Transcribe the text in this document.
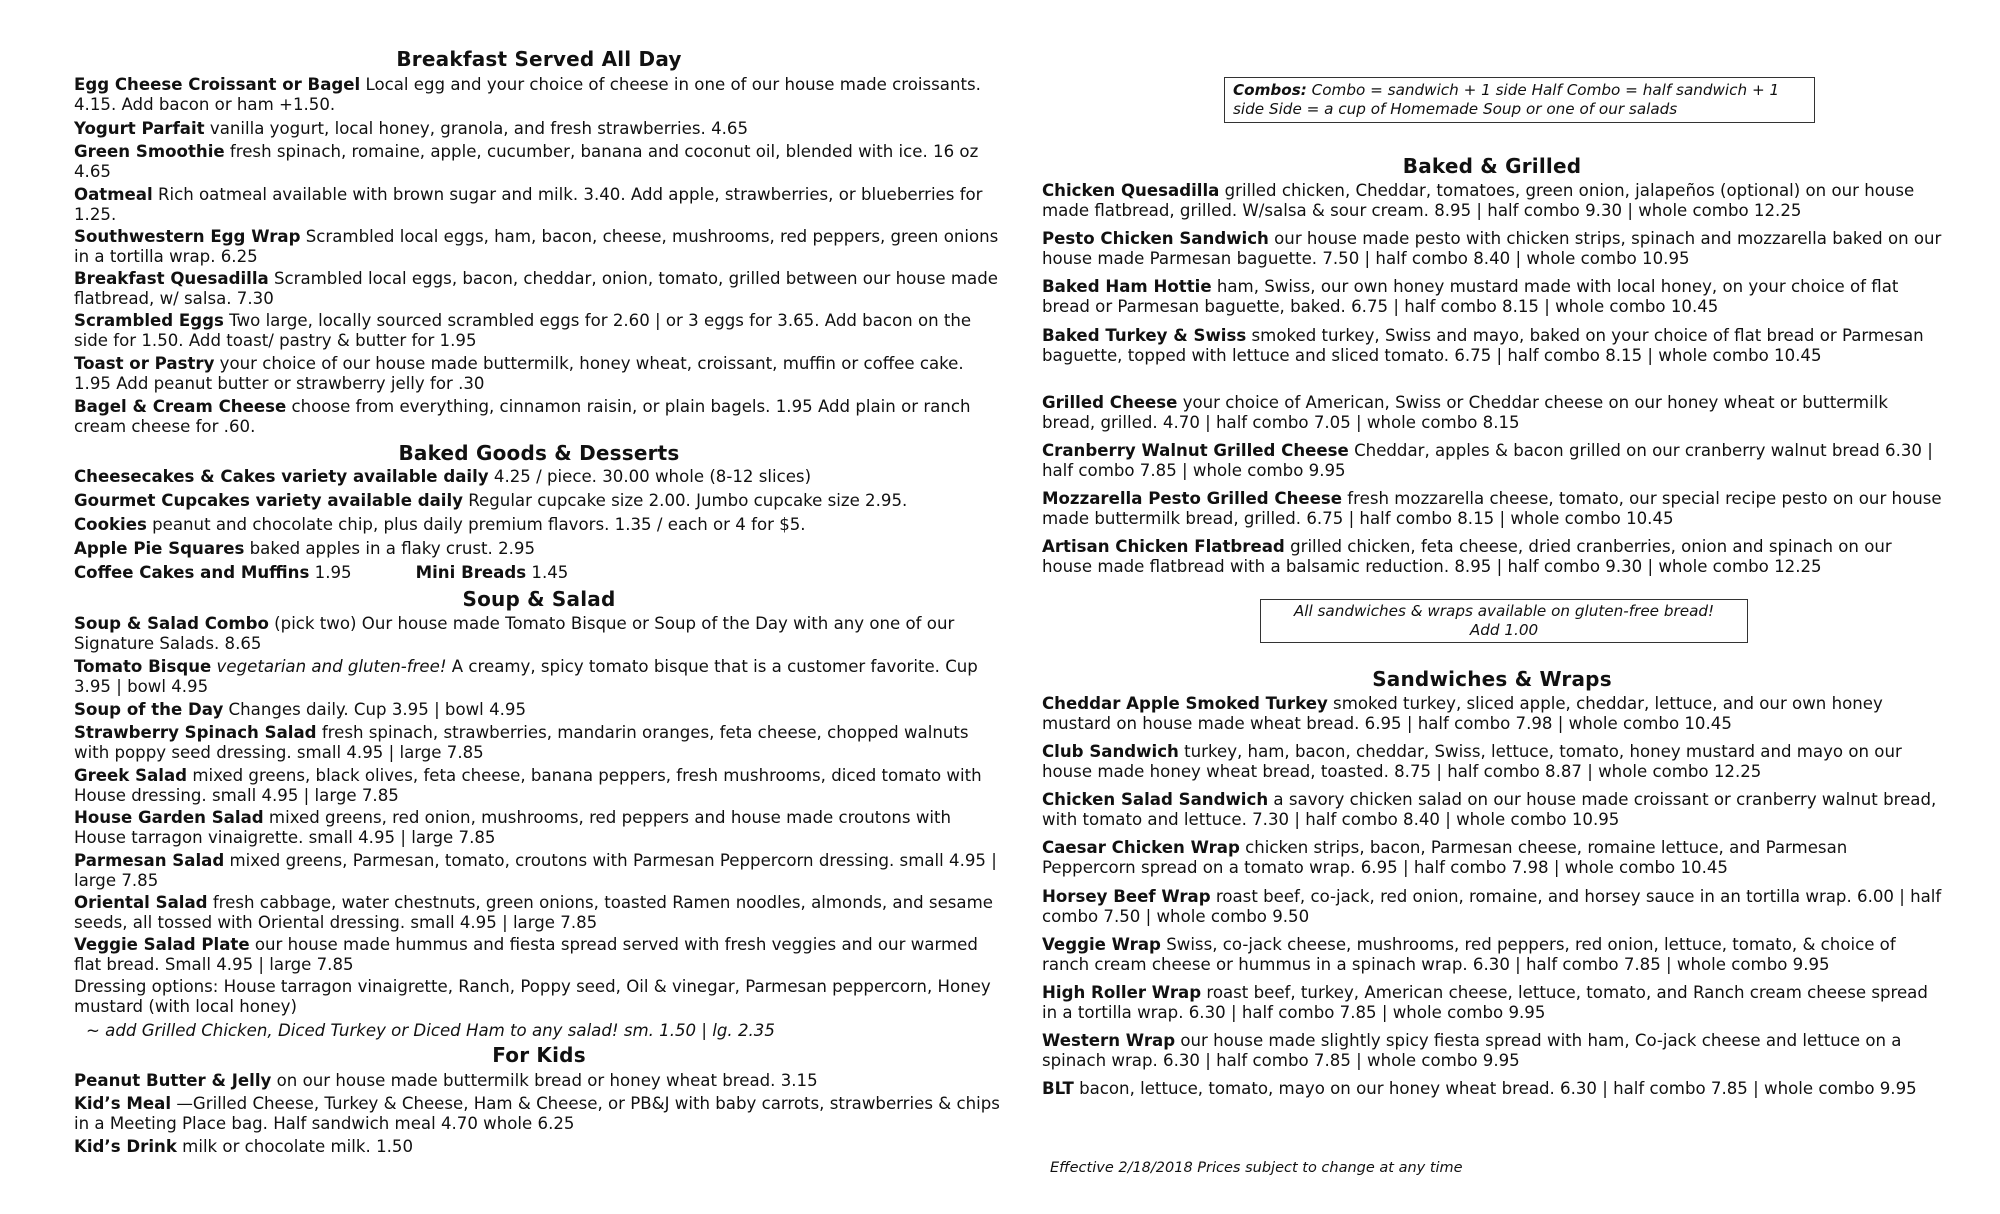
Breakfast Served All Day
Egg Cheese Croissant or Bagel Local egg and your choice of cheese in one of our house made croissants. 4.15. Add bacon or ham +1.50.
Yogurt Parfait vanilla yogurt, local honey, granola, and fresh strawberries. 4.65
Green Smoothie fresh spinach, romaine, apple, cucumber, banana and coconut oil, blended with ice. 16 oz 4.65
Oatmeal Rich oatmeal available with brown sugar and milk. 3.40. Add apple, strawberries, or blueberries for 1.25.
Southwestern Egg Wrap Scrambled local eggs, ham, bacon, cheese, mushrooms, red peppers, green onions in a tortilla wrap. 6.25
Breakfast Quesadilla Scrambled local eggs, bacon, cheddar, onion, tomato, grilled between our house made flatbread, w/ salsa. 7.30
Scrambled Eggs Two large, locally sourced scrambled eggs for 2.60 | or 3 eggs for 3.65. Add bacon on the side for 1.50. Add toast/ pastry & butter for 1.95
Toast or Pastry your choice of our house made buttermilk, honey wheat, croissant, muffin or coffee cake. 1.95 Add peanut butter or strawberry jelly for .30
Bagel & Cream Cheese choose from everything, cinnamon raisin, or plain bagels. 1.95 Add plain or ranch cream cheese for .60.
Baked Goods & Desserts
Cheesecakes & Cakes variety available daily 4.25 / piece. 30.00 whole (8-12 slices)
Gourmet Cupcakes variety available daily Regular cupcake size 2.00. Jumbo cupcake size 2.95.
Cookies peanut and chocolate chip, plus daily premium flavors. 1.35 / each or 4 for $5.
Apple Pie Squares baked apples in a flaky crust. 2.95
Coffee Cakes and Muffins 1.95	Mini Breads 1.45
Soup & Salad
Soup & Salad Combo (pick two) Our house made Tomato Bisque or Soup of the Day with any one of our Signature Salads. 8.65
Tomato Bisque vegetarian and gluten-free! A creamy, spicy tomato bisque that is a customer favorite. Cup 3.95 | bowl 4.95
Soup of the Day Changes daily. Cup 3.95 | bowl 4.95
Strawberry Spinach Salad fresh spinach, strawberries, mandarin oranges, feta cheese, chopped walnuts with poppy seed dressing. small 4.95 | large 7.85
Greek Salad mixed greens, black olives, feta cheese, banana peppers, fresh mushrooms, diced tomato with House dressing. small 4.95 | large 7.85
House Garden Salad mixed greens, red onion, mushrooms, red peppers and house made croutons with House tarragon vinaigrette. small 4.95 | large 7.85
Parmesan Salad mixed greens, Parmesan, tomato, croutons with Parmesan Peppercorn dressing. small 4.95 | large 7.85
Oriental Salad fresh cabbage, water chestnuts, green onions, toasted Ramen noodles, almonds, and sesame seeds, all tossed with Oriental dressing. small 4.95 | large 7.85
Veggie Salad Plate our house made hummus and fiesta spread served with fresh veggies and our warmed flat bread. Small 4.95 | large 7.85
Dressing options: House tarragon vinaigrette, Ranch, Poppy seed, Oil & vinegar, Parmesan peppercorn, Honey mustard (with local honey)
~ add Grilled Chicken, Diced Turkey or Diced Ham to any salad! sm. 1.50 | lg. 2.35
For Kids
Peanut Butter & Jelly on our house made buttermilk bread or honey wheat bread. 3.15
Kid’s Meal —Grilled Cheese, Turkey & Cheese, Ham & Cheese, or PB&J with baby carrots, strawberries & chips in a Meeting Place bag. Half sandwich meal 4.70 whole 6.25
Kid’s Drink milk or chocolate milk. 1.50
Combos: Combo = sandwich + 1 side Half Combo = half sandwich + 1 side Side = a cup of Homemade Soup or one of our salads
Baked & Grilled
Chicken Quesadilla grilled chicken, Cheddar, tomatoes, green onion, jalapeños (optional) on our house made flatbread, grilled. W/salsa & sour cream. 8.95 | half combo 9.30 | whole combo 12.25
Pesto Chicken Sandwich our house made pesto with chicken strips, spinach and mozzarella baked on our house made Parmesan baguette. 7.50 | half combo 8.40 | whole combo 10.95
Baked Ham Hottie ham, Swiss, our own honey mustard made with local honey, on your choice of flat bread or Parmesan baguette, baked. 6.75 | half combo 8.15 | whole combo 10.45
Baked Turkey & Swiss smoked turkey, Swiss and mayo, baked on your choice of flat bread or Parmesan baguette, topped with lettuce and sliced tomato. 6.75 | half combo 8.15 | whole combo 10.45
Grilled Cheese your choice of American, Swiss or Cheddar cheese on our honey wheat or buttermilk bread, grilled. 4.70 | half combo 7.05 | whole combo 8.15
Cranberry Walnut Grilled Cheese Cheddar, apples & bacon grilled on our cranberry walnut bread 6.30 | half combo 7.85 | whole combo 9.95
Mozzarella Pesto Grilled Cheese fresh mozzarella cheese, tomato, our special recipe pesto on our house made buttermilk bread, grilled. 6.75 | half combo 8.15 | whole combo 10.45
Artisan Chicken Flatbread grilled chicken, feta cheese, dried cranberries, onion and spinach on our house made flatbread with a balsamic reduction. 8.95 | half combo 9.30 | whole combo 12.25
All sandwiches & wraps available on gluten-free bread!
Add 1.00
Sandwiches & Wraps
Cheddar Apple Smoked Turkey smoked turkey, sliced apple, cheddar, lettuce, and our own honey mustard on house made wheat bread. 6.95 | half combo 7.98 | whole combo 10.45
Club Sandwich turkey, ham, bacon, cheddar, Swiss, lettuce, tomato, honey mustard and mayo on our house made honey wheat bread, toasted. 8.75 | half combo 8.87 | whole combo 12.25
Chicken Salad Sandwich a savory chicken salad on our house made croissant or cranberry walnut bread, with tomato and lettuce. 7.30 | half combo 8.40 | whole combo 10.95
Caesar Chicken Wrap chicken strips, bacon, Parmesan cheese, romaine lettuce, and Parmesan Peppercorn spread on a tomato wrap. 6.95 | half combo 7.98 | whole combo 10.45
Horsey Beef Wrap roast beef, co-jack, red onion, romaine, and horsey sauce in an tortilla wrap. 6.00 | half combo 7.50 | whole combo 9.50
Veggie Wrap Swiss, co-jack cheese, mushrooms, red peppers, red onion, lettuce, tomato, & choice of ranch cream cheese or hummus in a spinach wrap. 6.30 | half combo 7.85 | whole combo 9.95
High Roller Wrap roast beef, turkey, American cheese, lettuce, tomato, and Ranch cream cheese spread in a tortilla wrap. 6.30 | half combo 7.85 | whole combo 9.95
Western Wrap our house made slightly spicy fiesta spread with ham, Co-jack cheese and lettuce on a spinach wrap. 6.30 | half combo 7.85 | whole combo 9.95
BLT bacon, lettuce, tomato, mayo on our honey wheat bread. 6.30 | half combo 7.85 | whole combo 9.95
Effective 2/18/2018 Prices subject to change at any time
